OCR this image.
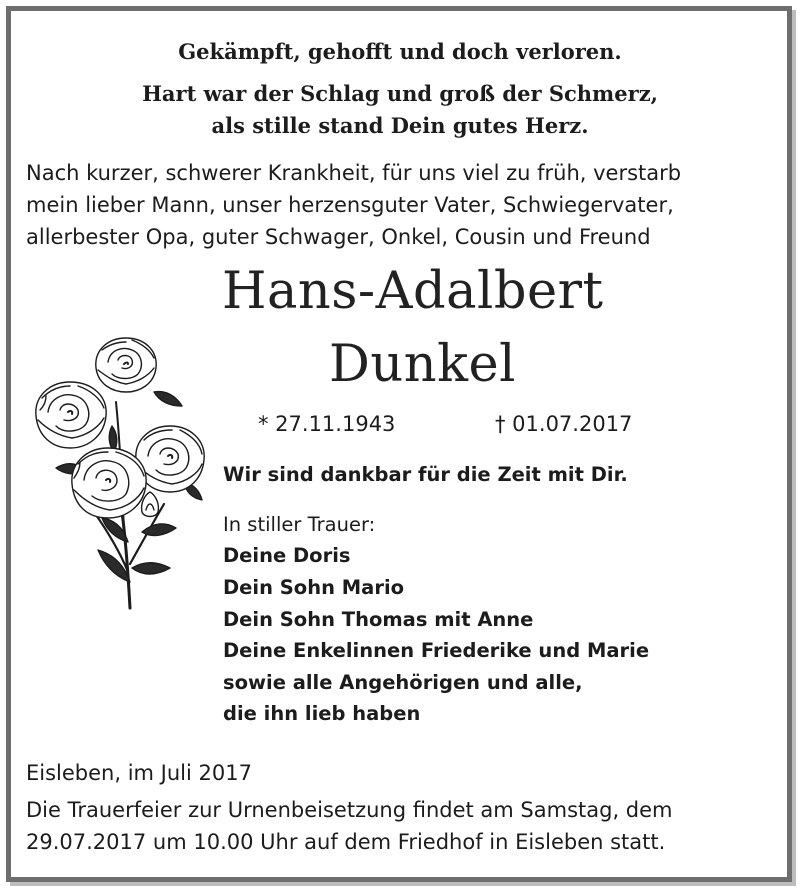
Gekämpft, gehofft und doch verloren.
Hart war der Schlag und groß der Schmerz,
als stille stand Dein gutes Herz.
Nach kurzer, schwerer Krankheit, für uns viel zu früh, verstarb
mein lieber Mann, unser herzensguter Vater, Schwiegervater,
allerbester Opa, guter Schwager, Onkel, Cousin und Freund
Hans-Adalbert
Dunkel
* 27.11.1943	† 01.07.2017
Wir sind dankbar für die Zeit mit Dir.
In stiller Trauer:
Deine Doris
Dein Sohn Mario
Dein Sohn Thomas mit Anne
Deine Enkelinnen Friederike und Marie
sowie alle Angehörigen und alle,
die ihn lieb haben
Eisleben, im Juli 2017
Die Trauerfeier zur Urnenbeisetzung findet am Samstag, dem
29.07.2017 um 10.00 Uhr auf dem Friedhof in Eisleben statt.
